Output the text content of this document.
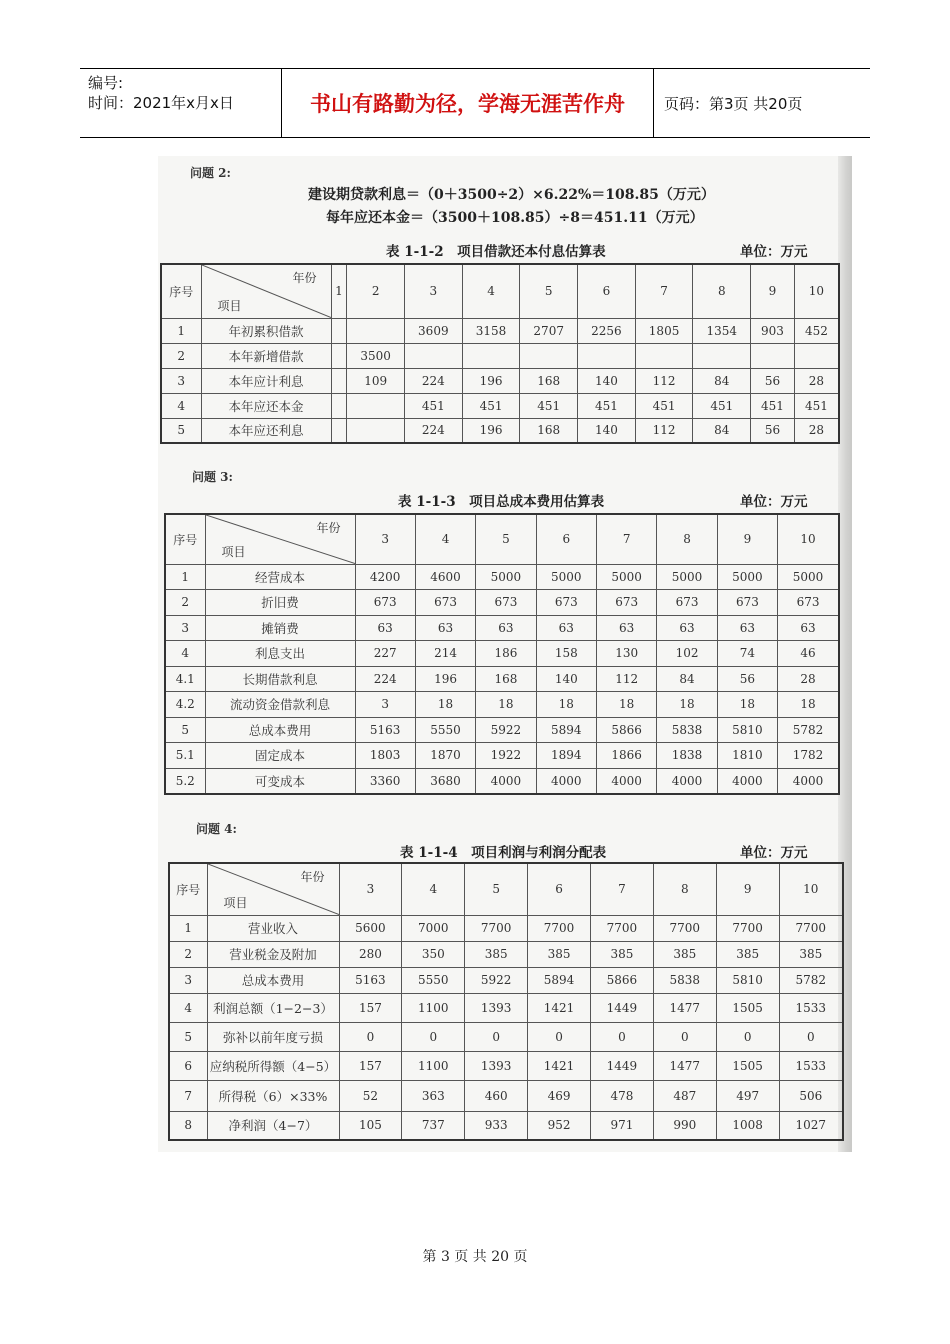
编号:
时间：2021年x月x日	书山有路勤为径，学海无涯苦作舟	页码：第3页 共20页
问题 2:
建设期贷款利息＝（0＋3500÷2）×6.22%＝108.85（万元）
每年应还本金＝（3500＋108.85）÷8＝451.11（万元）
表 1-1-2　项目借款还本付息估算表	单位：万元
序号	年份
项目	1	2	3	4	5	6	7	8	9	10
1	年初累积借款			3609	3158	2707	2256	1805	1354	903	452
2	本年新增借款		3500								
3	本年应计利息		109	224	196	168	140	112	84	56	28
4	本年应还本金			451	451	451	451	451	451	451	451
5	本年应还利息			224	196	168	140	112	84	56	28
问题 3:
表 1-1-3　项目总成本费用估算表	单位：万元
序号	年份
项目	3	4	5	6	7	8	9	10
1	经营成本	4200	4600	5000	5000	5000	5000	5000	5000
2	折旧费	673	673	673	673	673	673	673	673
3	摊销费	63	63	63	63	63	63	63	63
4	利息支出	227	214	186	158	130	102	74	46
4.1	长期借款利息	224	196	168	140	112	84	56	28
4.2	流动资金借款利息	3	18	18	18	18	18	18	18
5	总成本费用	5163	5550	5922	5894	5866	5838	5810	5782
5.1	固定成本	1803	1870	1922	1894	1866	1838	1810	1782
5.2	可变成本	3360	3680	4000	4000	4000	4000	4000	4000
问题 4:
表 1-1-4　项目利润与利润分配表	单位：万元
序号	年份
项目	3	4	5	6	7	8	9	10
1	营业收入	5600	7000	7700	7700	7700	7700	7700	7700
2	营业税金及附加	280	350	385	385	385	385	385	385
3	总成本费用	5163	5550	5922	5894	5866	5838	5810	5782
4	利润总额（1−2−3）	157	1100	1393	1421	1449	1477	1505	1533
5	弥补以前年度亏损	0	0	0	0	0	0	0	0
6	应纳税所得额（4−5）	157	1100	1393	1421	1449	1477	1505	1533
7	所得税（6）×33%	52	363	460	469	478	487	497	506
8	净利润（4−7）	105	737	933	952	971	990	1008	1027
第 3 页 共 20 页
